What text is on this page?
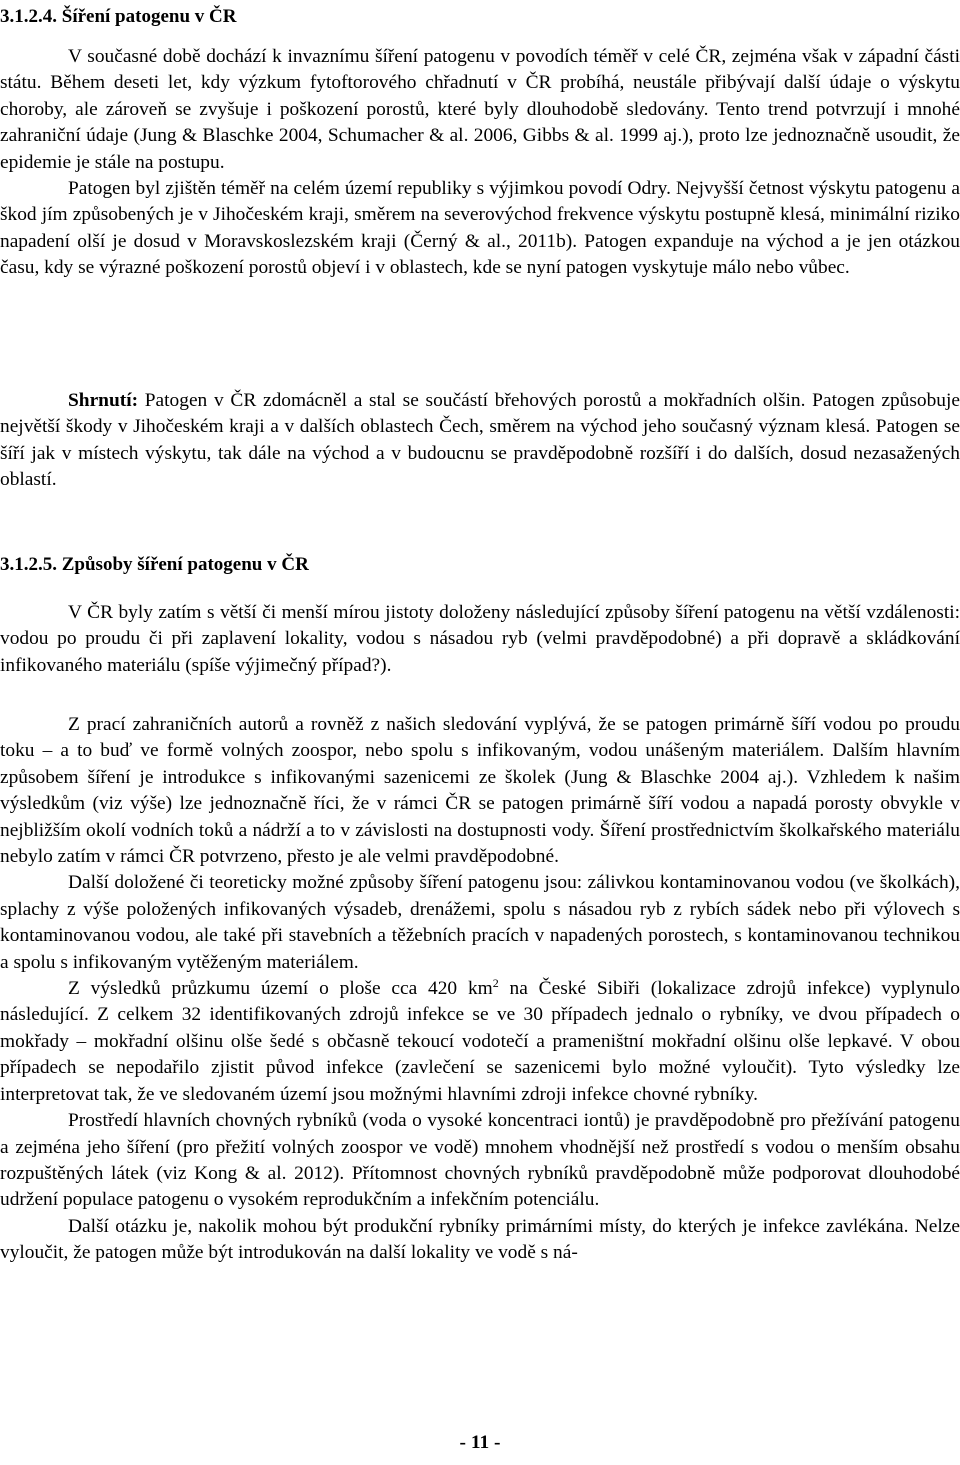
3.1.2.4. Šíření patogenu v ČR

V současné době dochází k invaznímu šíření patogenu v povodích téměř v celé ČR, zejména však v západní části státu. Během deseti let, kdy výzkum fytoftorového chřadnutí v ČR probíhá, neustále přibývají další údaje o výskytu choroby, ale zároveň se zvyšuje i poškození porostů, které byly dlouhodobě sledovány. Tento trend potvrzují i mnohé zahraniční údaje (Jung & Blaschke 2004, Schumacher & al. 2006, Gibbs & al. 1999 aj.), proto lze jednoznačně usoudit, že epidemie je stále na postupu.

Patogen byl zjištěn téměř na celém území republiky s výjimkou povodí Odry. Nejvyšší četnost výskytu patogenu a škod jím způsobených je v Jihočeském kraji, směrem na severovýchod frekvence výskytu postupně klesá, minimální riziko napadení olší je dosud v Moravskoslezském kraji (Černý & al., 2011b). Patogen expanduje na východ a je jen otázkou času, kdy se výrazné poškození porostů objeví i v oblastech, kde se nyní patogen vyskytuje málo nebo vůbec.

Shrnutí: Patogen v ČR zdomácněl a stal se součástí břehových porostů a mokřadních olšin. Patogen způsobuje největší škody v Jihočeském kraji a v dalších oblastech Čech, směrem na východ jeho současný význam klesá. Patogen se šíří jak v místech výskytu, tak dále na východ a v budoucnu se pravděpodobně rozšíří i do dalších, dosud nezasažených oblastí.

3.1.2.5. Způsoby šíření patogenu v ČR

V ČR byly zatím s větší či menší mírou jistoty doloženy následující způsoby šíření patogenu na větší vzdálenosti: vodou po proudu či při zaplavení lokality, vodou s násadou ryb (velmi pravděpodobné) a při dopravě a skládkování infikovaného materiálu (spíše výjimečný případ?).

Z prací zahraničních autorů a rovněž z našich sledování vyplývá, že se patogen primárně šíří vodou po proudu toku – a to buď ve formě volných zoospor, nebo spolu s infikovaným, vodou unášeným materiálem. Dalším hlavním způsobem šíření je introdukce s infikovanými sazenicemi ze školek (Jung & Blaschke 2004 aj.). Vzhledem k našim výsledkům (viz výše) lze jednoznačně říci, že v rámci ČR se patogen primárně šíří vodou a napadá porosty obvykle v nejbližším okolí vodních toků a nádrží a to v závislosti na dostupnosti vody. Šíření prostřednictvím školkařského materiálu nebylo zatím v rámci ČR potvrzeno, přesto je ale velmi pravděpodobné.

Další doložené či teoreticky možné způsoby šíření patogenu jsou: zálivkou kontaminovanou vodou (ve školkách), splachy z výše položených infikovaných výsadeb, drenážemi, spolu s násadou ryb z rybích sádek nebo při výlovech s kontaminovanou vodou, ale také při stavebních a těžebních pracích v napadených porostech, s kontaminovanou technikou a spolu s infikovaným vytěženým materiálem.

Z výsledků průzkumu území o ploše cca 420 $km^2$ na České Sibiři (lokalizace zdrojů infekce) vyplynulo následující. Z celkem 32 identifikovaných zdrojů infekce se ve 30 případech jednalo o rybníky, ve dvou případech o mokřady – mokřadní olšinu olše šedé s občasně tekoucí vodotečí a prameništní mokřadní olšinu olše lepkavé. V obou případech se nepodařilo zjistit původ infekce (zavlečení se sazenicemi bylo možné vyloučit). Tyto výsledky lze interpretovat tak, že ve sledovaném území jsou možnými hlavními zdroji infekce chovné rybníky.

Prostředí hlavních chovných rybníků (voda o vysoké koncentraci iontů) je pravděpodobně pro přežívání patogenu a zejména jeho šíření (pro přežití volných zoospor ve vodě) mnohem vhodnější než prostředí s vodou o menším obsahu rozpuštěných látek (viz Kong & al. 2012). Přítomnost chovných rybníků pravděpodobně může podporovat dlouhodobé udržení populace patogenu o vysokém reprodukčním a infekčním potenciálu.

Další otázku je, nakolik mohou být produkční rybníky primárními místy, do kterých je infekce zavlékána. Nelze vyloučit, že patogen může být introdukován na další lokality ve vodě s ná-

- 11 -
